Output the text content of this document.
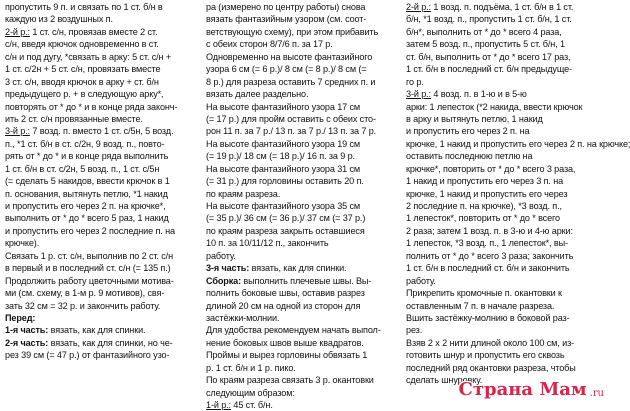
пропустить 9 п. и связать по 1 ст. б/н в
каждую из 2 воздушных п.
2-й р.: 1 ст. с/н, провязав вместе 2 ст.
с/н, введя крючок одновременно в ст.
с/н и под дугу, *связать в арку: 5 ст. с/н +
1 ст. с/2н + 5 ст. с/н, провязать вместе
3 ст. с/н, вводя крючок в арку + ст. б/н
предыдущего р. + в следующую арку*,
повторять от * до * и в конце ряда законч-
ить 2 ст. с/н провязанные вместе.
3-й р.: 7 возд. п. вместо 1 ст. с/5н, 5 возд.
п., *1 ст. б/н в ст. с/2н, 9 возд. п., повто-
рять от * до * и в конце ряда выполнить
1 ст. б/н в ст. с/2н, 5 возд. п., 1 ст. с/5н
(= сделать 5 накидов, ввести крючок в 1
п. основания, вытянуть петлю, *1 накид
и пропустить его через 2 п. на крючке*,
выполнить от * до * всего 5 раз, 1 накид
и пропустить его через 2 последние п. на
крючке).
Связать 1 р. ст. с/н, выполнив по 2 ст. с/н
в первый и в последний ст. с/н (= 135 п.)
Продолжить работу цветочными мотива-
ми (см. схему, в 1-м р. 9 мотивов), свя-
зать 32 см = 32 р. и закончить работу.
Перед:
1-я часть: вязать, как для спинки.
2-я часть: вязать, как для спинки, но че-
рез 39 см (= 47 р.) от фантазийного узо-
ра (измерено по центру работы) снова
вязать фантазийным узором (см. соот-
ветствующую схему), при этом прибавить
с обеих сторон 8/7/6 п. за 17 р.
Одновременно на высоте фантазийного
узора 6 см (= 6 р.)/ 8 см (= 8 р.)/ 8 см (=
8 р.) для разреза оставить 7 средних п. и
вязать далее раздельно.
На высоте фантазийного узора 17 см
(= 17 р.) для пройм оставить с обеих сто-
рон 11 п. за 7 р./ 13 п. за 7 р./ 13 п. за 7 р.
На высоте фантазийного узора 19 см
(= 19 р.)/ 18 см (= 18 р.)/ 16 п. за 9 р.
На высоте фантазийного узора 31 см
(= 31 р.) для горловины оставить 20 п.
по краям разреза.
На высоте фантазийного узора 35 см
(= 35 р.)/ 36 см (= 36 р.)/ 37 см (= 37 р.)
по краям разреза закрыть оставшиеся
10 п. за 10/11/12 п., закончить
работу.
3-я часть: вязать, как для спинки.
Сборка: выполнить плечевые швы. Вы-
полнить боковые швы, оставив разрез
длиной 20 см на одной из сторон для
застёжки-молнии.
Для удобства рекомендуем начать выпол-
нение боковых швов выше квадратов.
Проймы и вырез горловины обвязать 1
р. 1 ст. б/н и 1 р. пико.
По краям разреза связать 3 р. окантовки
следующим образом:
1-й р.: 45 ст. б/н.
2-й р.: 1 возд. п. подъёма, 1 ст. б/н в 1 ст.
б/н, *1 возд. п., пропустить 1 ст. б/н, 1 ст.
б/н*, выполнить от * до * всего 4 раза,
затем 5 возд. п., пропустить 5 ст. б/н, 1
ст. б/н, выполнить от * до * всего 17 раз,
1 ст. б/н в последний ст. б/н предыдуще-
го р.
3-й р.: 4 возд. п. в 1-ю и в 5-ю
арки: 1 лепесток (*2 накида, ввести крючок
в арку и вытянуть петлю, 1 накид
и пропустить его через 2 п. на
крючке, 1 накид и пропустить его через 2 п. на крючке;
оставить последнюю петлю на
крючке*, повторить от * до * всего 3 раза,
1 накид и пропустить его через 3 п. на
крючке, 1 накид и пропустить его через
2 последние п. на крючке), *3 возд. п.,
1 лепесток*, повторить от * до * всего
2 раза; затем 1 возд. п. в 3-ю и 4-ю арки:
1 лепесток, *3 возд. п., 1 лепесток*, вы-
полнить от * до * всего 3 раза; закончить
1 ст. б/н в последний ст. б/н и закончить
работу.
Прикрепить кромочные п. окантовки к
оставленным 7 п. в начале разреза.
Вшить застёжку-молнию в боковой раз-
рез.
Взяв 2 х 2 нити длиной около 100 см, из-
готовить шнур и пропустить его сквозь
последний ряд окантовки разреза, чтобы
сделать шнуровку.
Страна Мам .ru
